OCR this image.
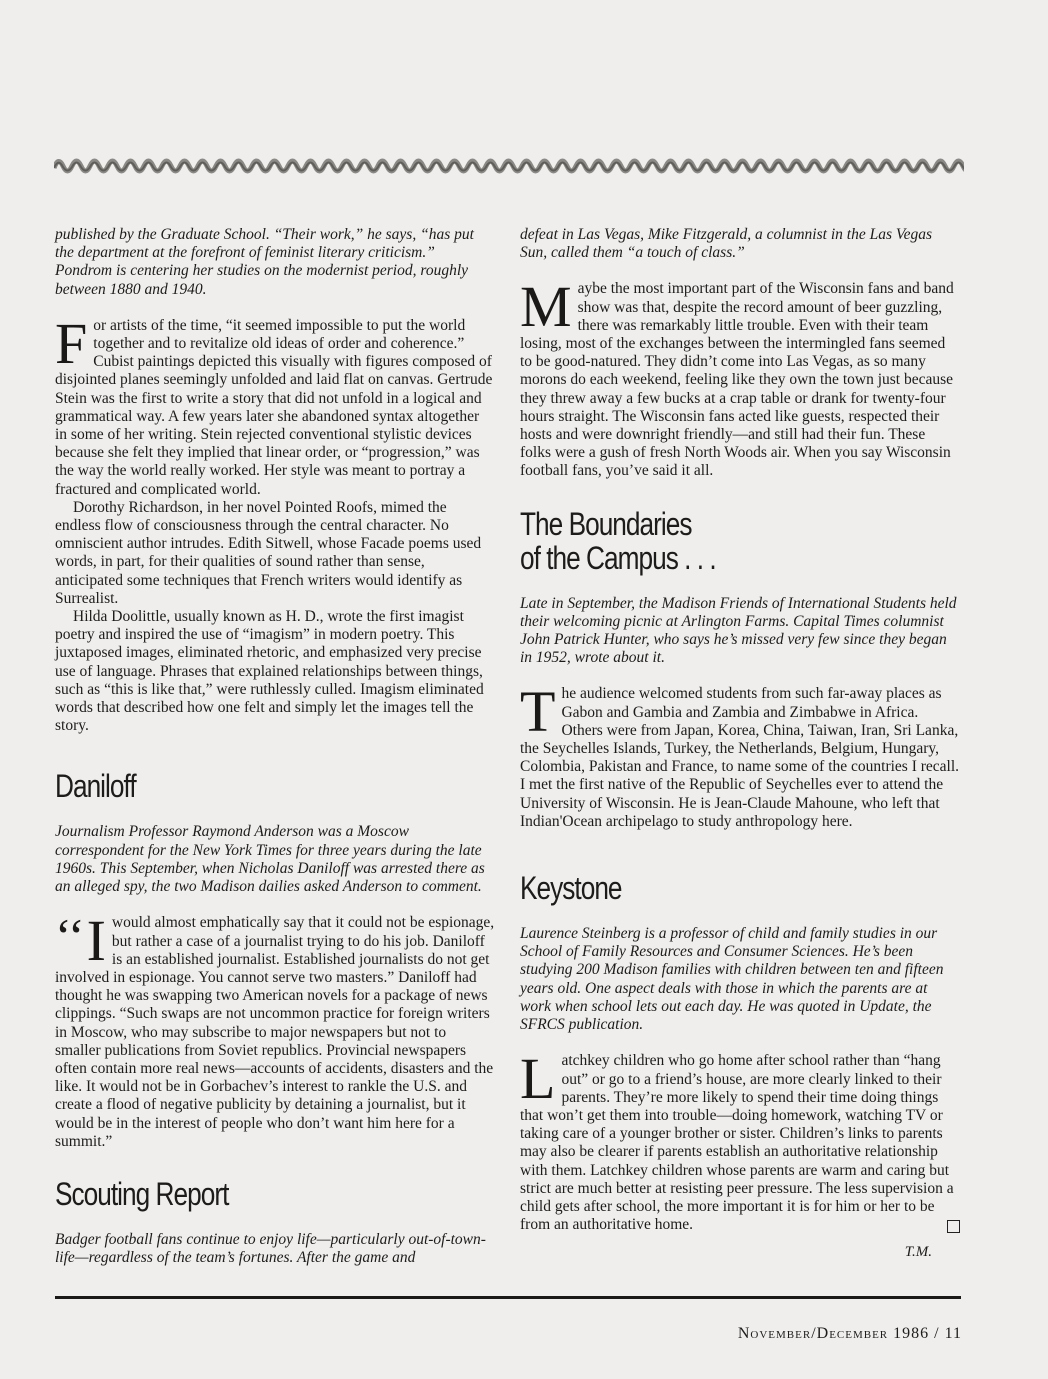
published by the Graduate School. “Their work,” he says, “has put the department at the forefront of feminist literary criticism.” Pondrom is centering her studies on the modernist period, roughly between 1880 and 1940.

For artists of the time, “it seemed impossible to put the world together and to revitalize old ideas of order and coherence.” Cubist paintings depicted this visually with figures composed of disjointed planes seemingly unfolded and laid flat on canvas. Gertrude Stein was the first to write a story that did not unfold in a logical and grammatical way. A few years later she abandoned syntax altogether in some of her writing. Stein rejected conventional stylistic devices because she felt they implied that linear order, or “progression,” was the way the world really worked. Her style was meant to portray a fractured and complicated world.

Dorothy Richardson, in her novel Pointed Roofs, mimed the endless flow of consciousness through the central character. No omniscient author intrudes. Edith Sitwell, whose Facade poems used words, in part, for their qualities of sound rather than sense, anticipated some techniques that French writers would identify as Surrealist.

Hilda Doolittle, usually known as H. D., wrote the first imagist poetry and inspired the use of “imagism” in modern poetry. This juxtaposed images, eliminated rhetoric, and emphasized very precise use of language. Phrases that explained relationships between things, such as “this is like that,” were ruthlessly culled. Imagism eliminated words that described how one felt and simply let the images tell the story.

Daniloff

Journalism Professor Raymond Anderson was a Moscow correspondent for the New York Times for three years during the late 1960s. This September, when Nicholas Daniloff was arrested there as an alleged spy, the two Madison dailies asked Anderson to comment.

‘‘ I would almost emphatically say that it could not be espionage, but rather a case of a journalist trying to do his job. Daniloff is an established journalist. Established journalists do not get involved in espionage. You cannot serve two masters.” Daniloff had thought he was swapping two American novels for a package of news clippings. “Such swaps are not uncommon practice for foreign writers in Moscow, who may subscribe to major newspapers but not to smaller publications from Soviet republics. Provincial newspapers often contain more real news—accounts of accidents, disasters and the like. It would not be in Gorbachev’s interest to rankle the U.S. and create a flood of negative publicity by detaining a journalist, but it would be in the interest of people who don’t want him here for a summit.”

Scouting Report

Badger football fans continue to enjoy life—particularly out-of-town-life—regardless of the team’s fortunes. After the game and

defeat in Las Vegas, Mike Fitzgerald, a columnist in the Las Vegas Sun, called them “a touch of class.”

Maybe the most important part of the Wisconsin fans and band show was that, despite the record amount of beer guzzling, there was remarkably little trouble. Even with their team losing, most of the exchanges between the intermingled fans seemed to be good-natured. They didn’t come into Las Vegas, as so many morons do each weekend, feeling like they own the town just because they threw away a few bucks at a crap table or drank for twenty-four hours straight. The Wisconsin fans acted like guests, respected their hosts and were downright friendly—and still had their fun. These folks were a gush of fresh North Woods air. When you say Wisconsin football fans, you’ve said it all.

The Boundaries of the Campus . . .

Late in September, the Madison Friends of International Students held their welcoming picnic at Arlington Farms. Capital Times columnist John Patrick Hunter, who says he’s missed very few since they began in 1952, wrote about it.

The audience welcomed students from such far-away places as Gabon and Gambia and Zambia and Zimbabwe in Africa. Others were from Japan, Korea, China, Taiwan, Iran, Sri Lanka, the Seychelles Islands, Turkey, the Netherlands, Belgium, Hungary, Colombia, Pakistan and France, to name some of the countries I recall. I met the first native of the Republic of Seychelles ever to attend the University of Wisconsin. He is Jean-Claude Mahoune, who left that Indian'Ocean archipelago to study anthropology here.

Keystone

Laurence Steinberg is a professor of child and family studies in our School of Family Resources and Consumer Sciences. He’s been studying 200 Madison families with children between ten and fifteen years old. One aspect deals with those in which the parents are at work when school lets out each day. He was quoted in Update, the SFRCS publication.

Latchkey children who go home after school rather than “hang out” or go to a friend’s house, are more clearly linked to their parents. They’re more likely to spend their time doing things that won’t get them into trouble—doing homework, watching TV or taking care of a younger brother or sister. Children’s links to parents may also be clearer if parents establish an authoritative relationship with them. Latchkey children whose parents are warm and caring but strict are much better at resisting peer pressure. The less supervision a child gets after school, the more important it is for him or her to be from an authoritative home.

T.M.
November/December 1986 / 11
